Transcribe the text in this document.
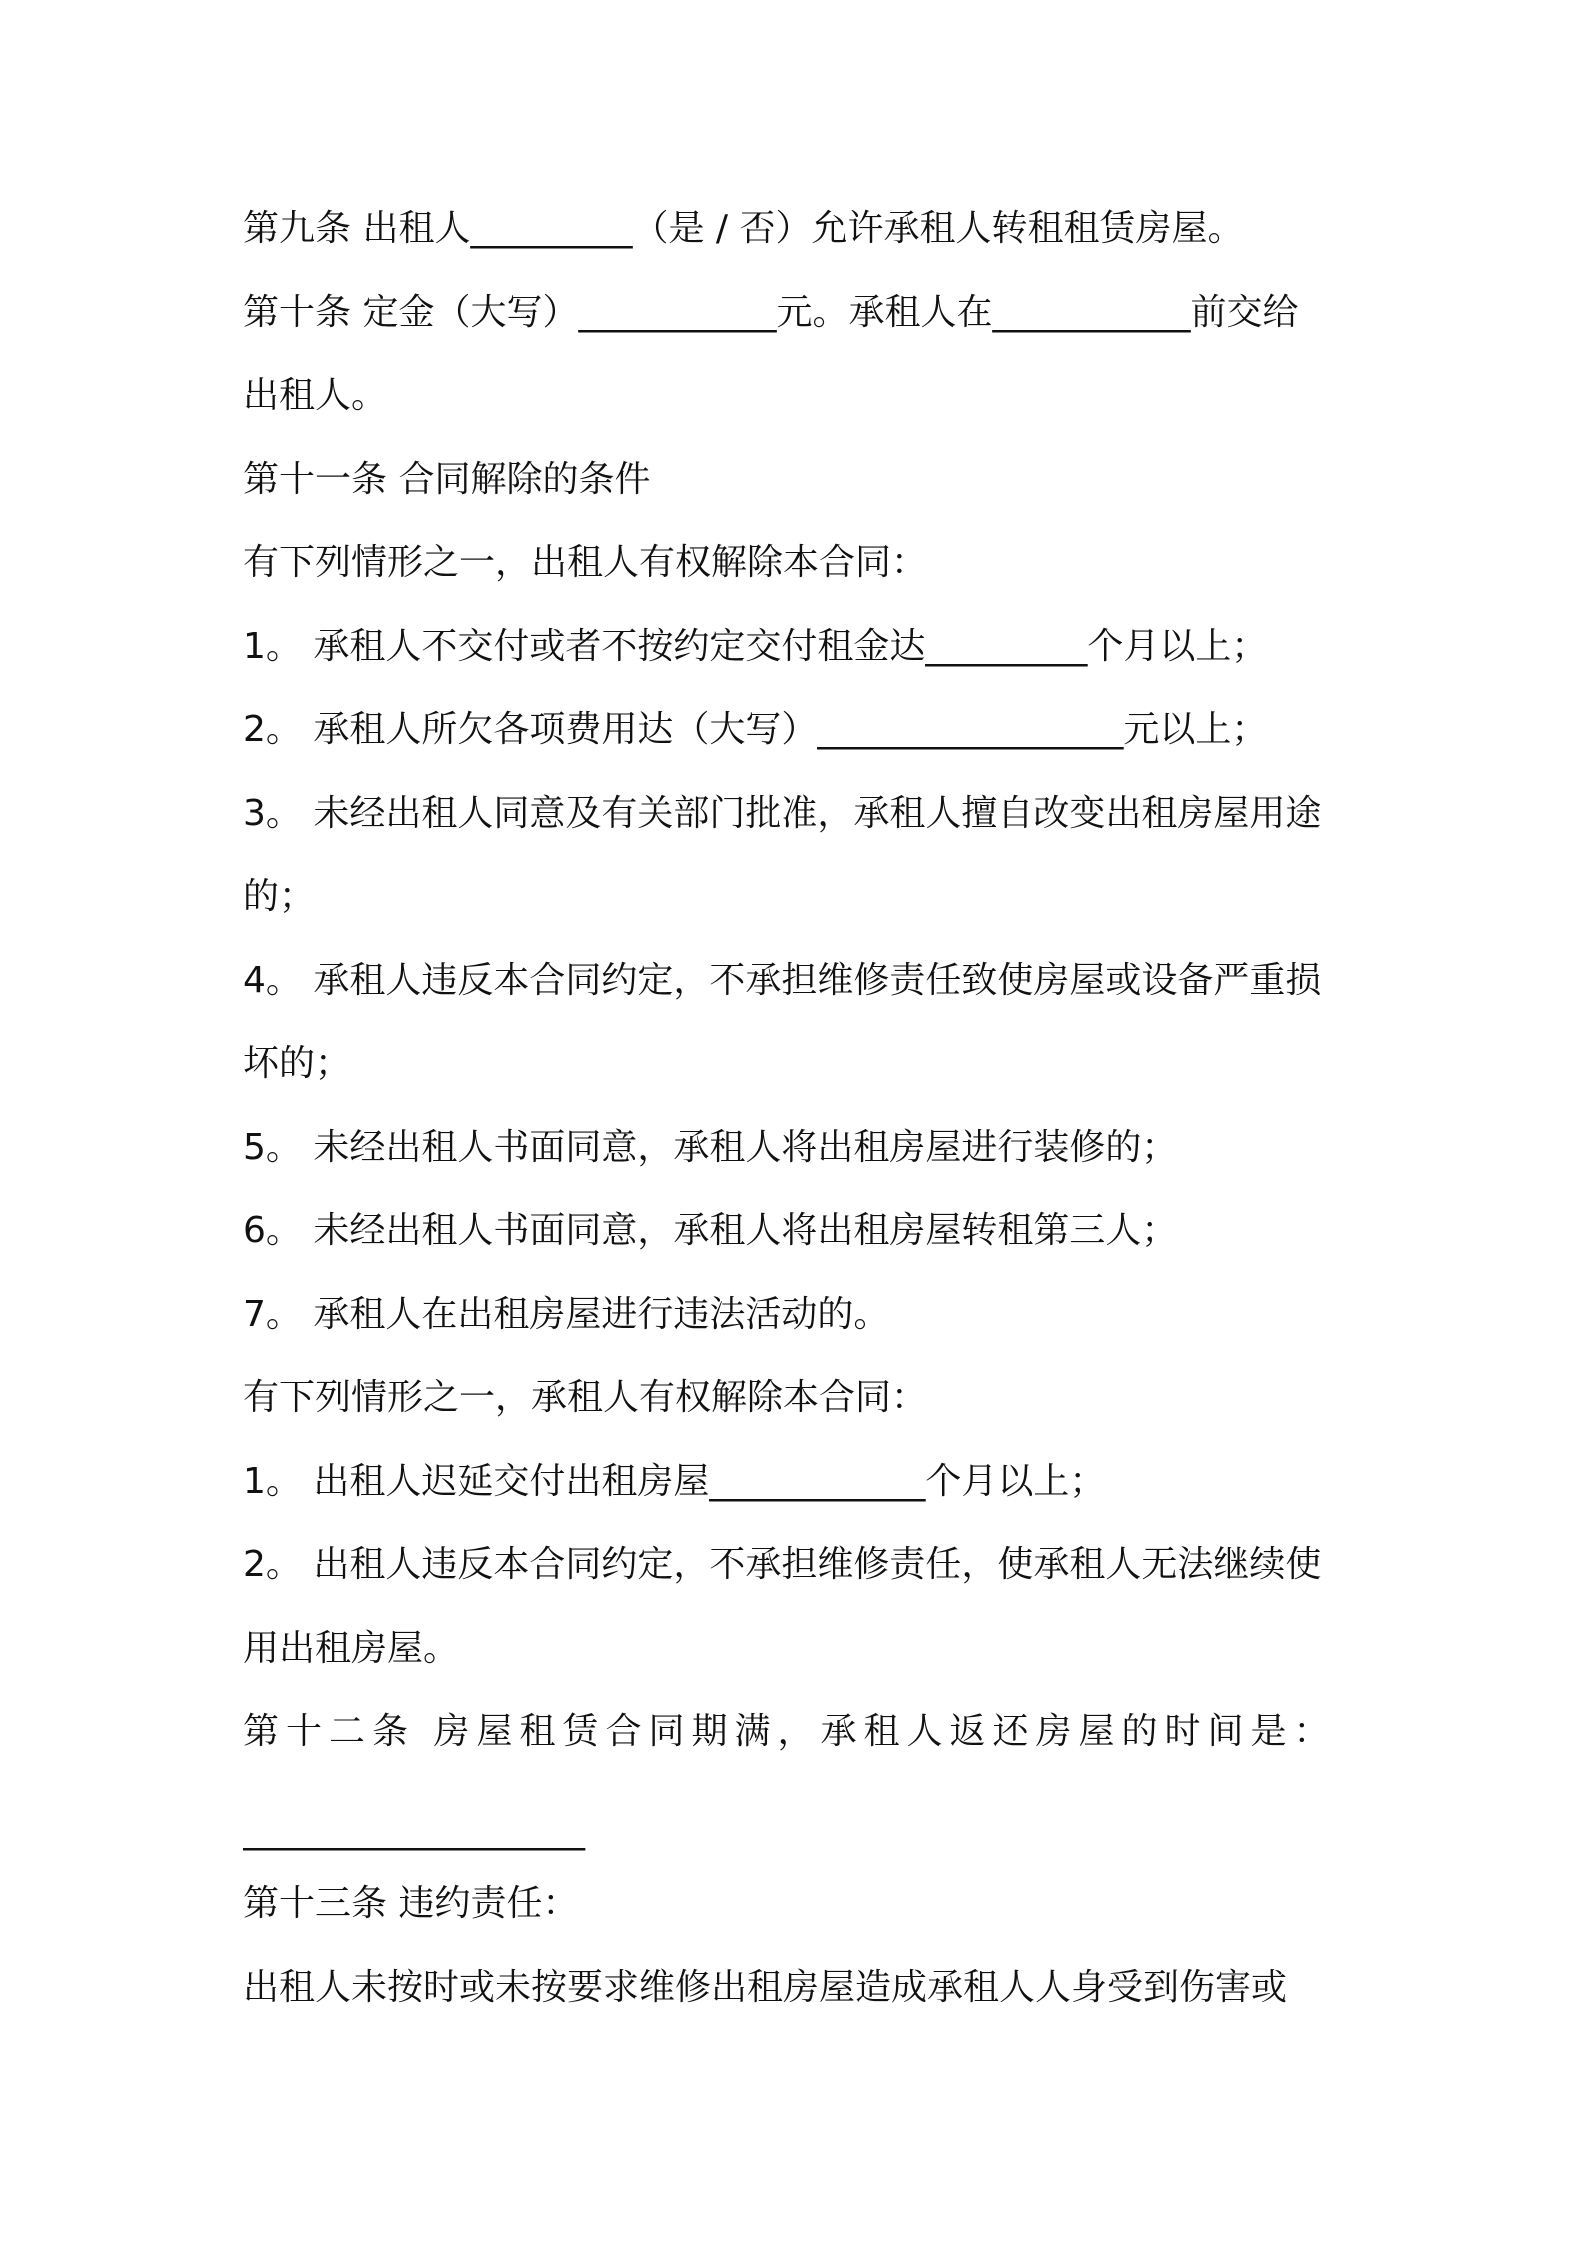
第九条 出租人_________（是 / 否）允许承租人转租租赁房屋。
第十条 定金（大写）___________元。承租人在___________前交给
出租人。
第十一条 合同解除的条件
有下列情形之一，出租人有权解除本合同：
1。 承租人不交付或者不按约定交付租金达_________个月以上；
2。 承租人所欠各项费用达（大写）_________________元以上；
3。 未经出租人同意及有关部门批准，承租人擅自改变出租房屋用途
的；
4。 承租人违反本合同约定，不承担维修责任致使房屋或设备严重损
坏的；
5。 未经出租人书面同意，承租人将出租房屋进行装修的；
6。 未经出租人书面同意，承租人将出租房屋转租第三人；
7。 承租人在出租房屋进行违法活动的。
有下列情形之一，承租人有权解除本合同：
1。 出租人迟延交付出租房屋____________个月以上；
2。 出租人违反本合同约定，不承担维修责任，使承租人无法继续使
用出租房屋。
第十二条 房屋租赁合同期满，承租人返还房屋的时间是：
___________________
第十三条 违约责任：
出租人未按时或未按要求维修出租房屋造成承租人人身受到伤害或
